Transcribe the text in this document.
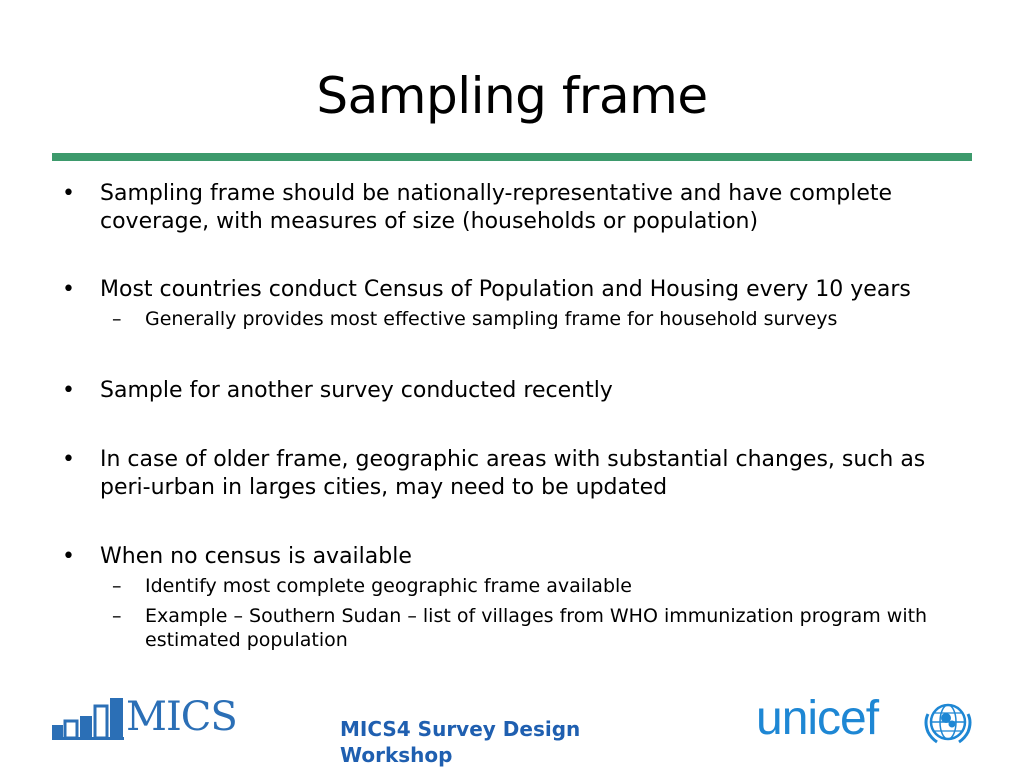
Sampling frame
• Sampling frame should be nationally-representative and have complete coverage, with measures of size (households or population)
• Most countries conduct Census of Population and Housing every 10 years
– Generally provides most effective sampling frame for household surveys
• Sample for another survey conducted recently
• In case of older frame, geographic areas with substantial changes, such as peri-urban in larges cities, may need to be updated
• When no census is available
– Identify most complete geographic frame available
– Example – Southern Sudan – list of villages from WHO immunization program with estimated population
MICS	MICS4 Survey Design Workshop
unicef
